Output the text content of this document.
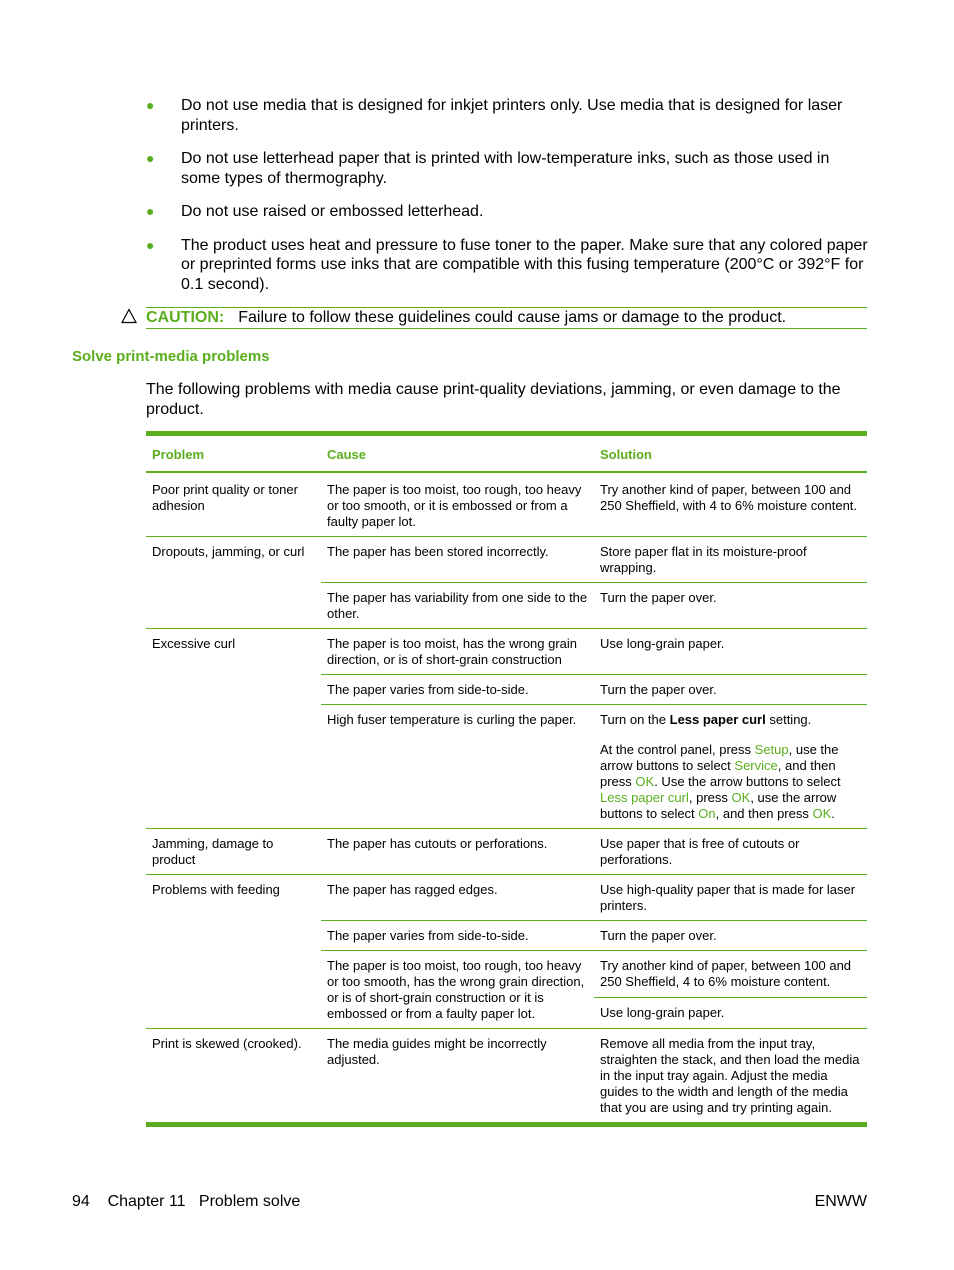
● Do not use media that is designed for inkjet printers only. Use media that is designed for laser printers.
● Do not use letterhead paper that is printed with low-temperature inks, such as those used in some types of thermography.
● Do not use raised or embossed letterhead.
● The product uses heat and pressure to fuse toner to the paper. Make sure that any colored paper or preprinted forms use inks that are compatible with this fusing temperature (200°C or 392°F for 0.1 second).
CAUTION: Failure to follow these guidelines could cause jams or damage to the product.
Solve print-media problems

The following problems with media cause print-quality deviations, jamming, or even damage to the product.

Problem	Cause	Solution
Poor print quality or toner adhesion	The paper is too moist, too rough, too heavy or too smooth, or it is embossed or from a faulty paper lot.	Try another kind of paper, between 100 and 250 Sheffield, with 4 to 6% moisture content.
Dropouts, jamming, or curl	The paper has been stored incorrectly.	Store paper flat in its moisture-proof wrapping.
	The paper has variability from one side to the other.	Turn the paper over.
Excessive curl	The paper is too moist, has the wrong grain direction, or is of short-grain construction	Use long-grain paper.
	The paper varies from side-to-side.	Turn the paper over.
	High fuser temperature is curling the paper.	Turn on the Less paper curl setting.
At the control panel, press Setup, use the arrow buttons to select Service, and then press OK. Use the arrow buttons to select Less paper curl, press OK, use the arrow buttons to select On, and then press OK.

Jamming, damage to product	The paper has cutouts or perforations.	Use paper that is free of cutouts or perforations.
Problems with feeding	The paper has ragged edges.	Use high-quality paper that is made for laser printers.
	The paper varies from side-to-side.	Turn the paper over.
	The paper is too moist, too rough, too heavy or too smooth, has the wrong grain direction, or is of short-grain construction or it is embossed or from a faulty paper lot.	Try another kind of paper, between 100 and 250 Sheffield, 4 to 6% moisture content.
		Use long-grain paper.
Print is skewed (crooked).	The media guides might be incorrectly adjusted.	Remove all media from the input tray, straighten the stack, and then load the media in the input tray again. Adjust the media guides to the width and length of the media that you are using and try printing again.
94 Chapter 11 Problem solve	ENWW
